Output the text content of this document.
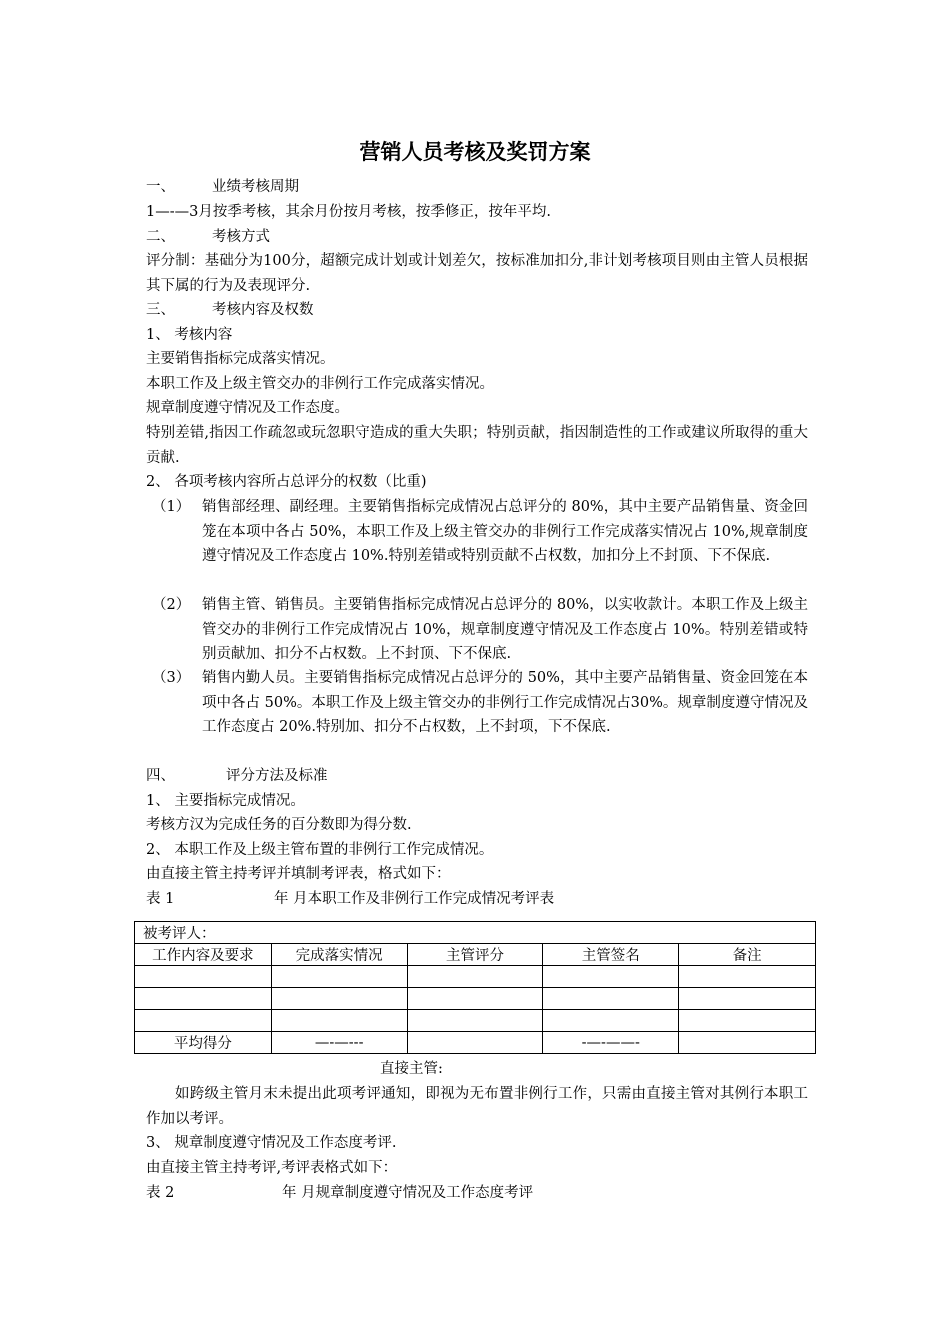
营销人员考核及奖罚方案
一、	业绩考核周期
1—-—3月按季考核，其余月份按月考核，按季修正，按年平均.
二、	考核方式
评分制：基础分为100分，超额完成计划或计划差欠，按标准加扣分,非计划考核项目则由主管人员根据其下属的行为及表现评分.
三、	考核内容及权数
1、 考核内容
主要销售指标完成落实情况。
本职工作及上级主管交办的非例行工作完成落实情况。
规章制度遵守情况及工作态度。
特别差错,指因工作疏忽或玩忽职守造成的重大失职；特别贡献，指因制造性的工作或建议所取得的重大贡献.
2、 各项考核内容所占总评分的权数（比重)
（1） 销售部经理、副经理。主要销售指标完成情况占总评分的 80%，其中主要产品销售量、资金回笼在本项中各占 50%，本职工作及上级主管交办的非例行工作完成落实情况占 10%,规章制度遵守情况及工作态度占 10%.特别差错或特别贡献不占权数，加扣分上不封顶、下不保底.
（2） 销售主管、销售员。主要销售指标完成情况占总评分的 80%，以实收款计。本职工作及上级主管交办的非例行工作完成情况占 10%，规章制度遵守情况及工作态度占 10%。特别差错或特别贡献加、扣分不占权数。上不封顶、下不保底.
（3） 销售内勤人员。主要销售指标完成情况占总评分的 50%，其中主要产品销售量、资金回笼在本项中各占 50%。本职工作及上级主管交办的非例行工作完成情况占30%。规章制度遵守情况及工作态度占 20%.特别加、扣分不占权数，上不封项，下不保底.
四、	评分方法及标准
1、 主要指标完成情况。
考核方汉为完成任务的百分数即为得分数.
2、 本职工作及上级主管布置的非例行工作完成情况。
由直接主管主持考评并填制考评表，格式如下：
表 1	年 月本职工作及非例行工作完成情况考评表
被考评人：				
工作内容及要求	完成落实情况	主管评分	主管签名	备注

平均得分	—-—---		-—-——-	
直接主管:
如跨级主管月末未提出此项考评通知，即视为无布置非例行工作，只需由直接主管对其例行本职工作加以考评。
3、 规章制度遵守情况及工作态度考评.
由直接主管主持考评,考评表格式如下：
表 2	年 月规章制度遵守情况及工作态度考评
